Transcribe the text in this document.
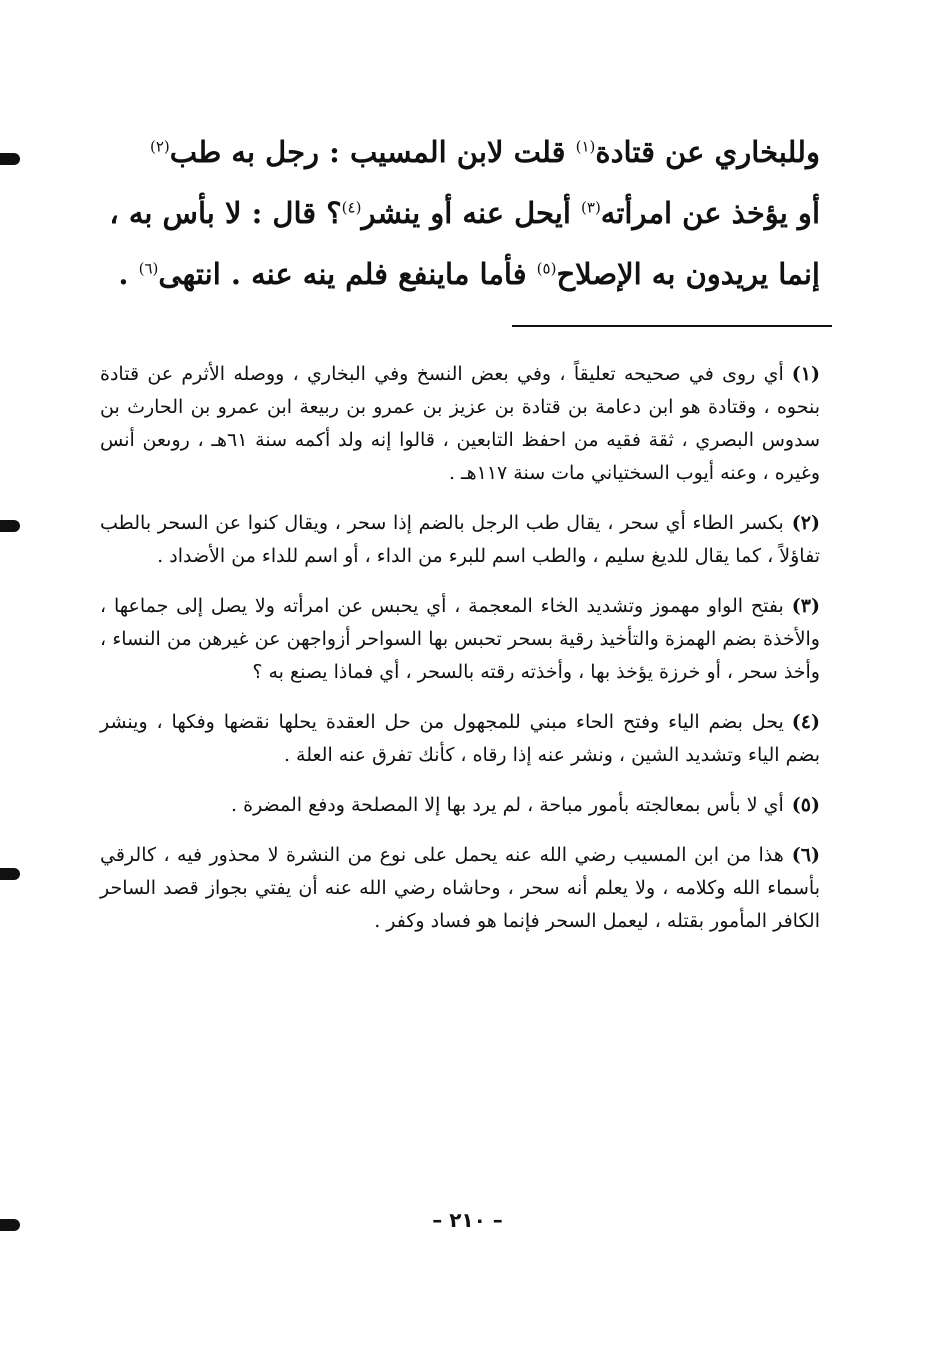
وللبخاري عن قتادة$^{(١)}$ قلت لابن المسيب : رجل به طب$^{(٢)}$
أو يؤخذ عن امرأته$^{(٣)}$ أيحل عنه أو ينشر$^{(٤)}$؟ قال : لا بأس به ،
إنما يريدون به الإصلاح$^{(٥)}$ فأما ماينفع فلم ينه عنه . انتهى$^{(٦)}$ .

(١)أي روى في صحيحه تعليقاً ، وفي بعض النسخ وفي البخاري ، ووصله الأثرم عن قتادة بنحوه ، وقتادة هو ابن دعامة بن قتادة بن عزيز بن عمرو بن ربيعة ابن عمرو بن الحارث بن سدوس البصري ، ثقة فقيه من احفظ التابعين ، قالوا إنه ولد أكمه سنة ٦١هـ ، روىعن أنس وغيره ، وعنه أيوب السختياني مات سنة ١١٧هـ .

(٢)بكسر الطاء أي سحر ، يقال طب الرجل بالضم إذا سحر ، ويقال كنوا عن السحر بالطب تفاؤلاً ، كما يقال للديغ سليم ، والطب اسم للبرء من الداء ، أو اسم للداء من الأضداد .

(٣)بفتح الواو مهموز وتشديد الخاء المعجمة ، أي يحبس عن امرأته ولا يصل إلى جماعها ، والأخذة بضم الهمزة والتأخيذ رقية بسحر تحبس بها السواحر أزواجهن عن غيرهن من النساء ، وأخذ سحر ، أو خرزة يؤخذ بها ، وأخذته رقته بالسحر ، أي فماذا يصنع به ؟

(٤)يحل بضم الياء وفتح الحاء مبني للمجهول من حل العقدة يحلها نقضها وفكها ، وينشر بضم الياء وتشديد الشين ، ونشر عنه إذا رقاه ، كأنك تفرق عنه العلة .

(٥)أي لا بأس بمعالجته بأمور مباحة ، لم يرد بها إلا المصلحة ودفع المضرة .

(٦)هذا من ابن المسيب رضي الله عنه يحمل على نوع من النشرة لا محذور فيه ، كالرقي بأسماء الله وكلامه ، ولا يعلم أنه سحر ، وحاشاه رضي الله عنه أن يفتي بجواز قصد الساحر الكافر المأمور بقتله ، ليعمل السحر فإنما هو فساد وكفر .

– ٢١٠ –
